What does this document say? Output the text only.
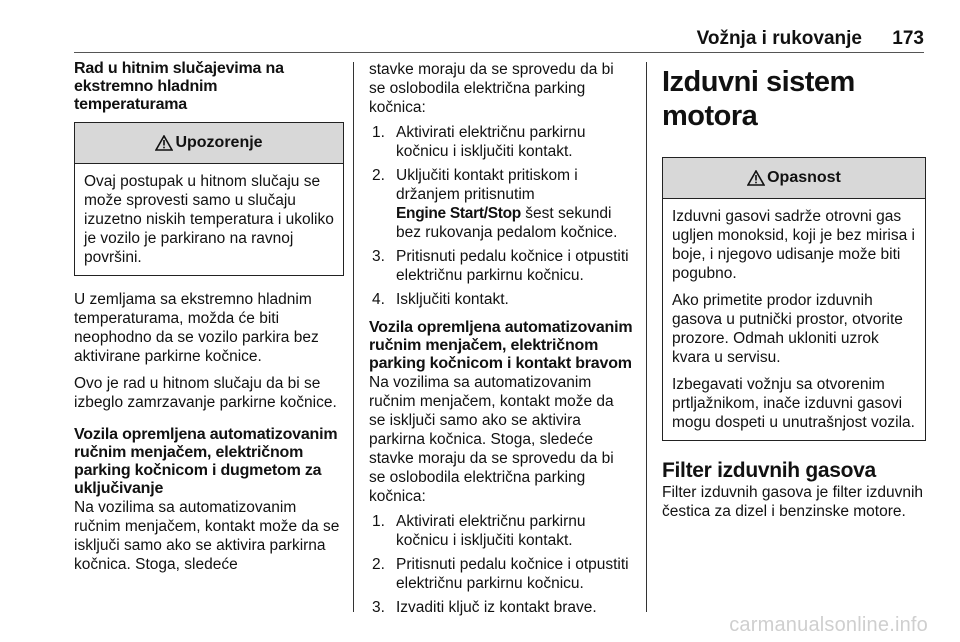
Vožnja i rukovanje 173
Rad u hitnim slučajevima na
ekstremno hladnim
temperaturama
Upozorenje

Ovaj postupak u hitnom slučaju se može sprovesti samo u slučaju izuzetno niskih temperatura i ukoliko je vozilo je parkirano na ravnoj površini.

U zemljama sa ekstremno hladnim temperaturama, možda će biti neophodno da se vozilo parkira bez aktivirane parkirne kočnice.

Ovo je rad u hitnom slučaju da bi se izbeglo zamrzavanje parkirne kočnice.

Vozila opremljena automatizovanim
ručnim menjačem, električnom
parking kočnicom i dugmetom za
uključivanje

Na vozilima sa automatizovanim ručnim menjačem, kontakt može da se isključi samo ako se aktivira parkirna kočnica. Stoga, sledeće

stavke moraju da se sprovedu da bi se oslobodila električna parking kočnica:

1. Aktivirati električnu parkirnu kočnicu i isključiti kontakt.
2. Uključiti kontakt pritiskom i držanjem pritisnutim
Engine Start/Stop šest sekundi bez rukovanja pedalom kočnice.
3. Pritisnuti pedalu kočnice i otpustiti električnu parkirnu kočnicu.
4. Isključiti kontakt.
Vozila opremljena automatizovanim
ručnim menjačem, električnom
parking kočnicom i kontakt bravom

Na vozilima sa automatizovanim ručnim menjačem, kontakt može da se isključi samo ako se aktivira parkirna kočnica. Stoga, sledeće stavke moraju da se sprovedu da bi se oslobodila električna parking kočnica:

1. Aktivirati električnu parkirnu kočnicu i isključiti kontakt.
2. Pritisnuti pedalu kočnice i otpustiti električnu parkirnu kočnicu.
3. Izvaditi ključ iz kontakt brave.
Izduvni sistem motora
Opasnost

Izduvni gasovi sadrže otrovni gas ugljen monoksid, koji je bez mirisa i boje, i njegovo udisanje može biti pogubno.

Ako primetite prodor izduvnih gasova u putnički prostor, otvorite prozore. Odmah ukloniti uzrok kvara u servisu.

Izbegavati vožnju sa otvorenim prtljažnikom, inače izduvni gasovi mogu dospeti u unutrašnjost vozila.

Filter izduvnih gasova

Filter izduvnih gasova je filter izduvnih čestica za dizel i benzinske motore.

carmanualsonline.info
